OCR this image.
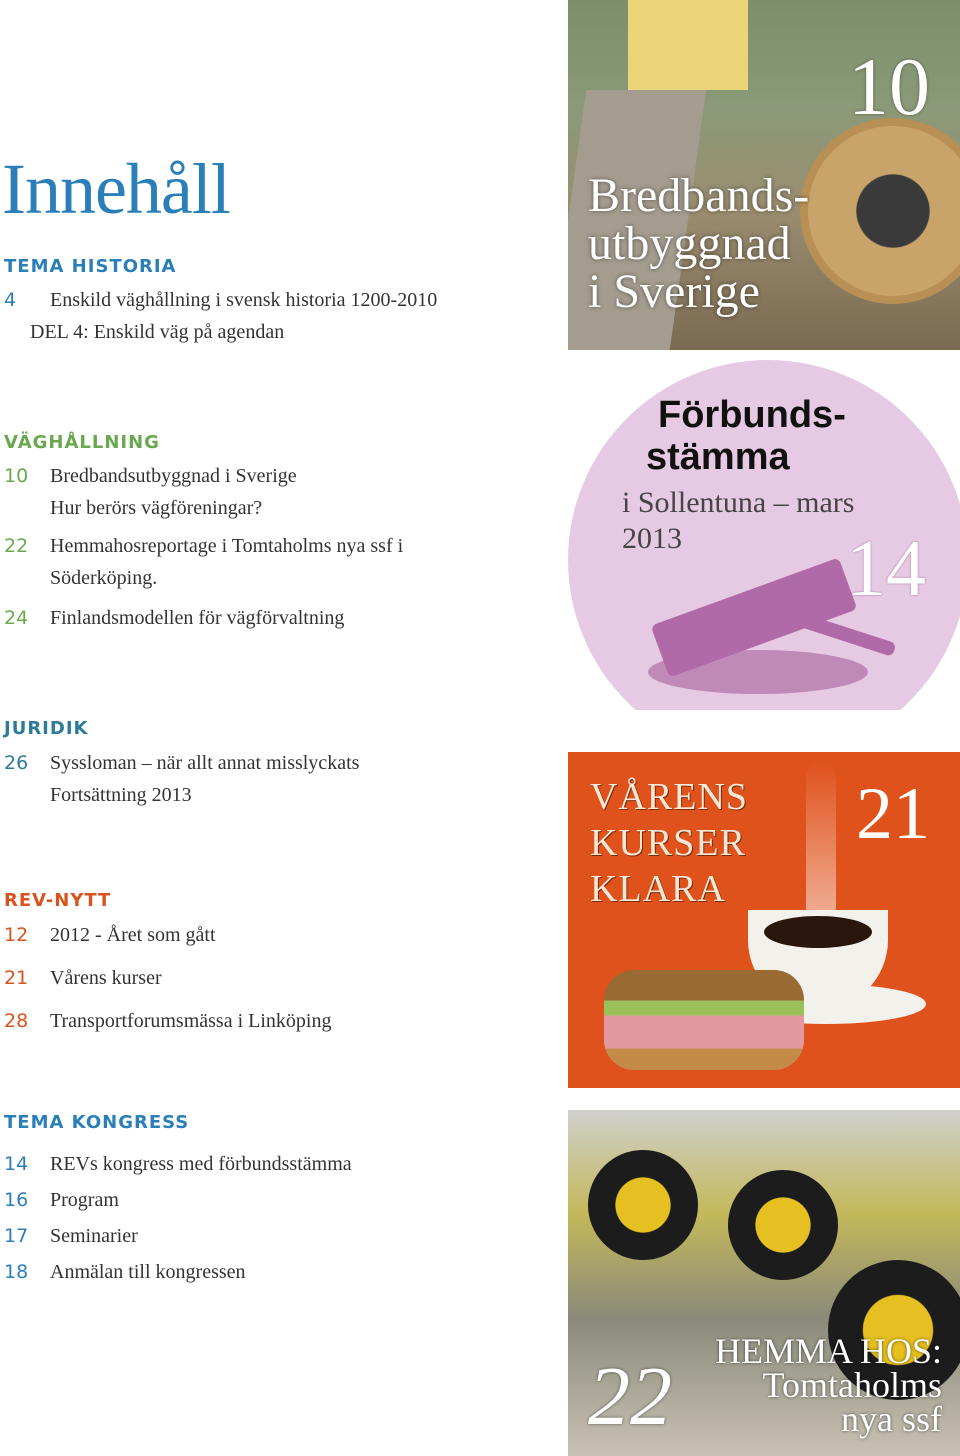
Innehåll
TEMA HISTORIA
4 Enskild väghållning i svensk historia 1200-2010
DEL 4: Enskild väg på agendan
VÄGHÅLLNING
10 Bredbandsutbyggnad i Sverige
Hur berörs vägföreningar?
22 Hemmahosreportage i Tomtaholms nya ssf i
Söderköping.
24 Finlandsmodellen för vägförvaltning
JURIDIK
26 Syssloman – när allt annat misslyckats
Fortsättning 2013
REV-NYTT
12 2012 - Året som gått
21 Vårens kurser
28 Transportforumsmässa i Linköping
TEMA KONGRESS
14 REVs kongress med förbundsstämma
16 Program
17 Seminarier
18 Anmälan till kongressen
10
Bredbands-
utbyggnad
i Sverige
Förbunds-
stämma
i Sollentuna – mars
2013 14
VÅRENS
KURSER
KLARA
21
22 HEMMA HOS:
Tomtaholms
nya ssf
